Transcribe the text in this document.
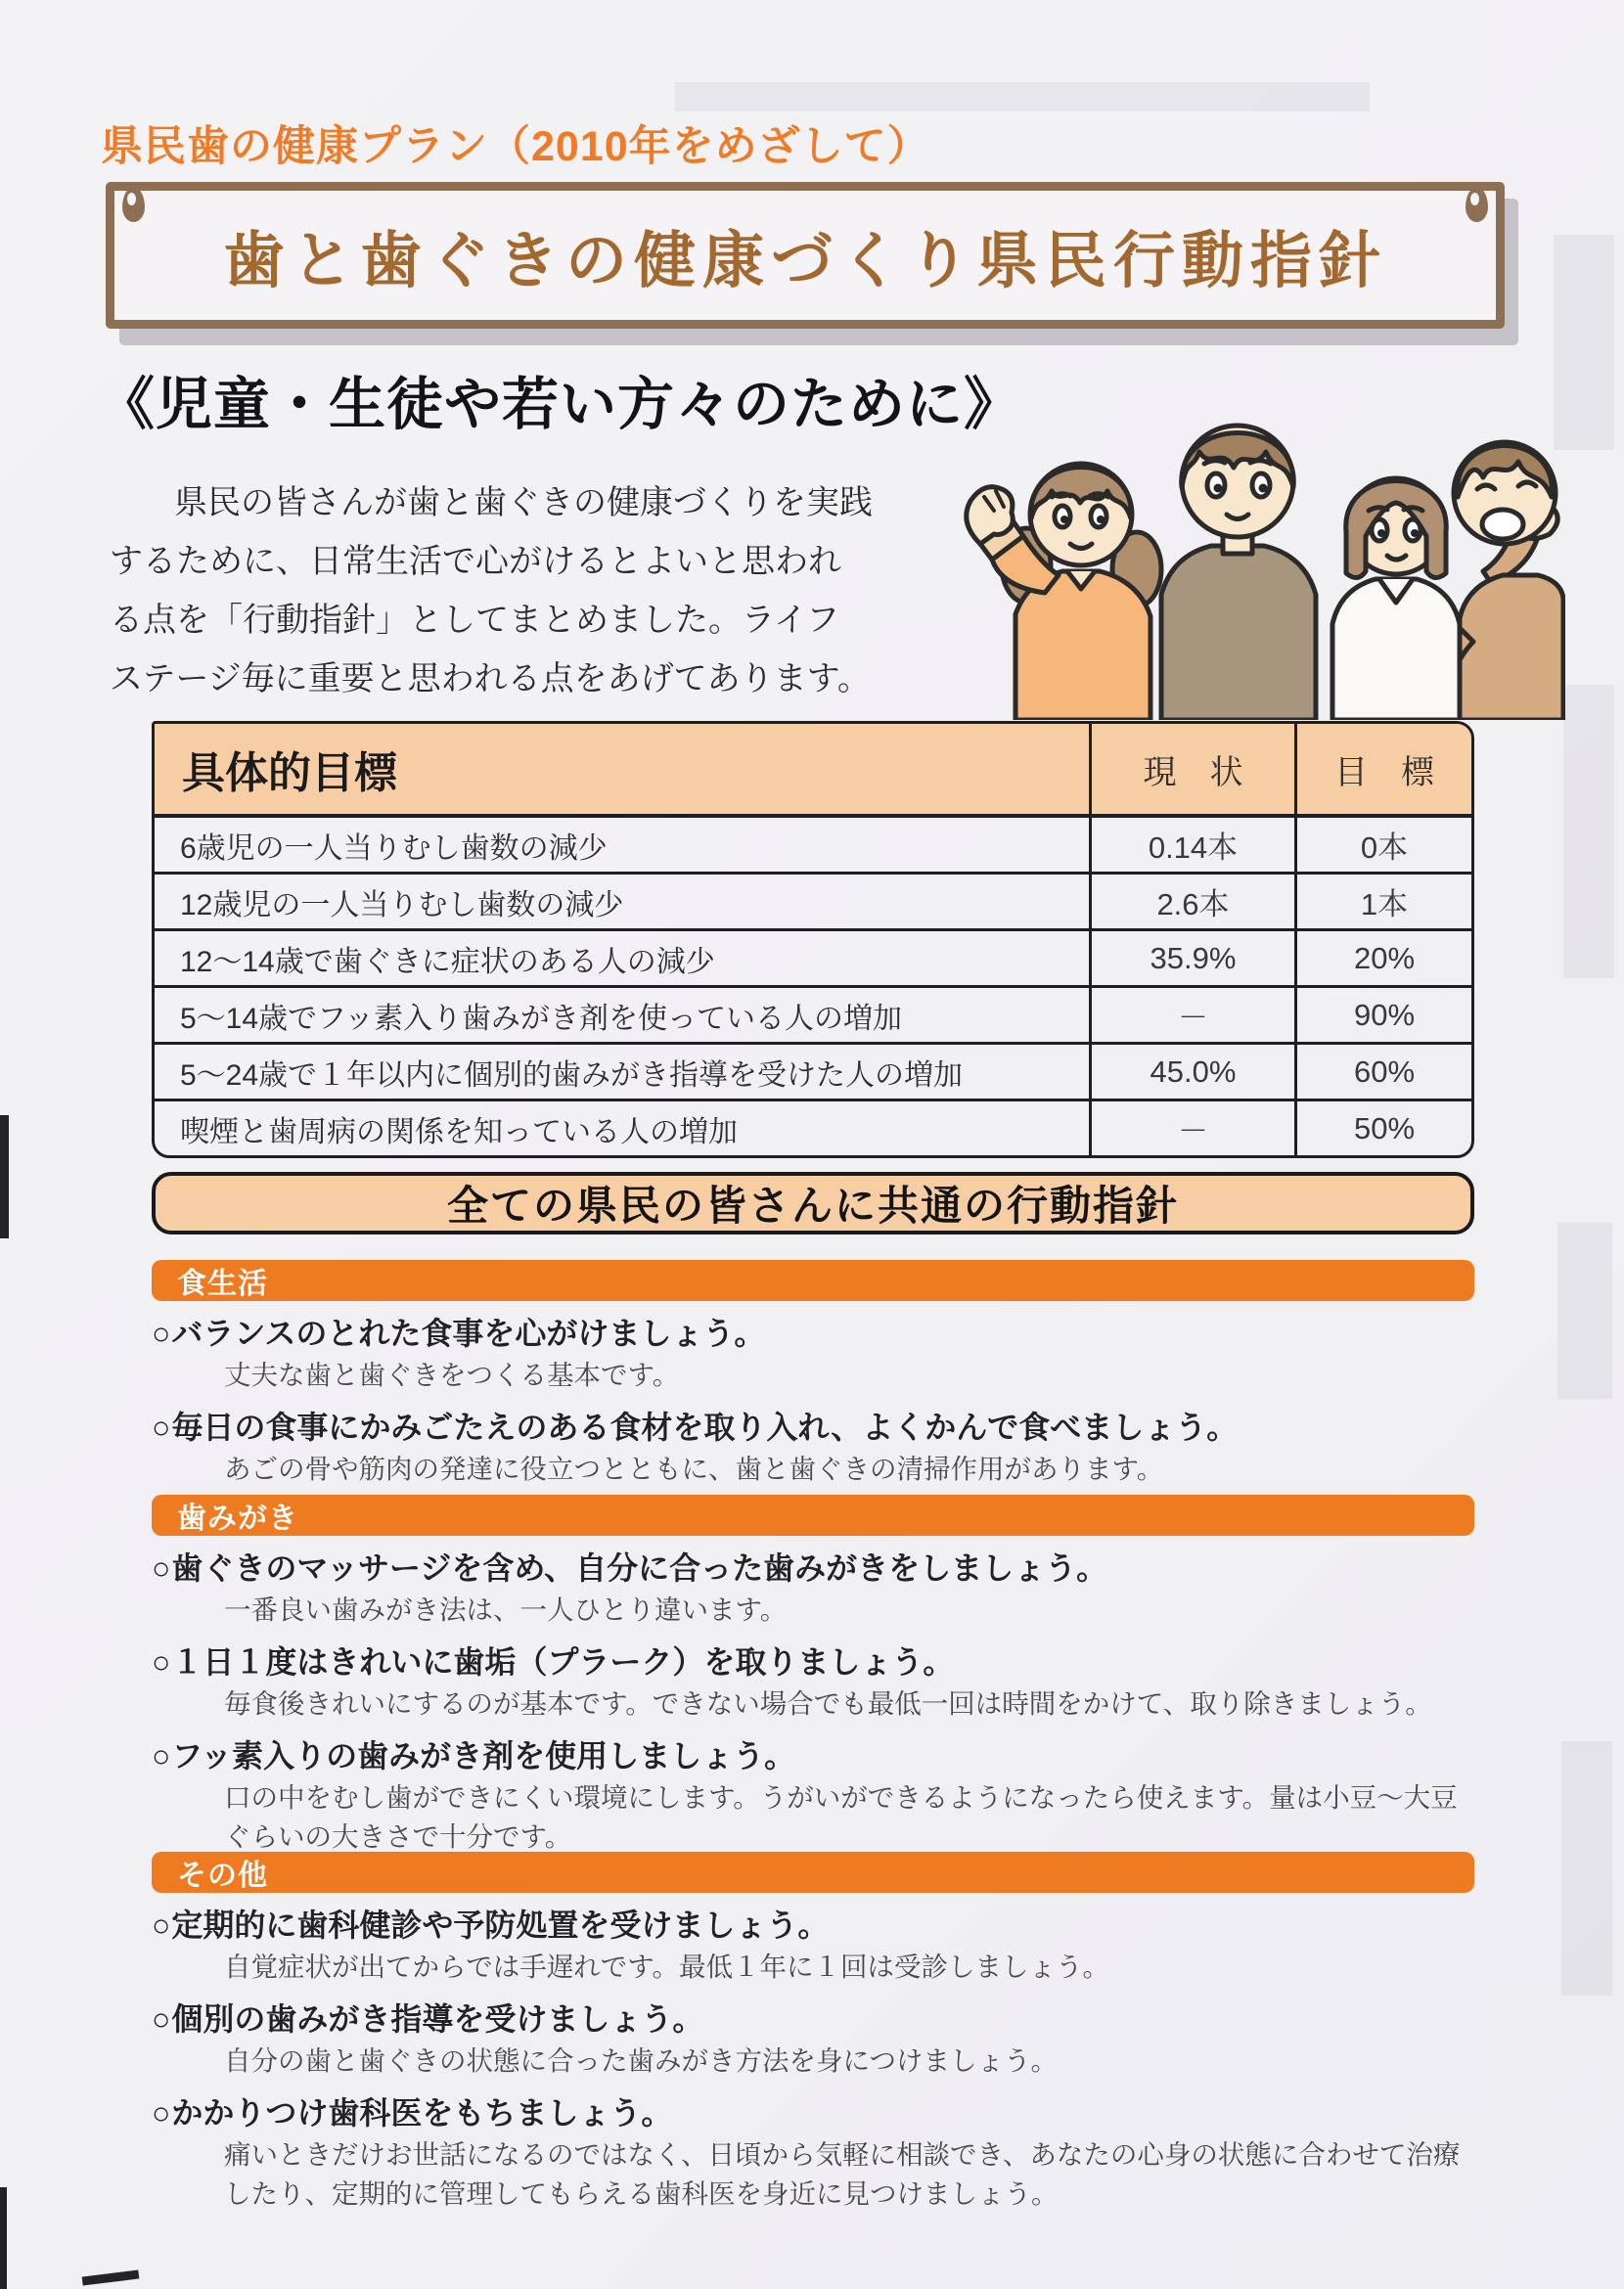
県民歯の健康プラン（2010年をめざして）
歯と歯ぐきの健康づくり県民行動指針
《児童・生徒や若い方々のために》
県民の皆さんが歯と歯ぐきの健康づくりを実践
するために、日常生活で心がけるとよいと思われ
る点を「行動指針」としてまとめました。ライフ
ステージ毎に重要と思われる点をあげてあります。
具体的目標	現　状	目　標
6歳児の一人当りむし歯数の減少	0.14本	0本
12歳児の一人当りむし歯数の減少	2.6本	1本
12～14歳で歯ぐきに症状のある人の減少	35.9%	20%
5～14歳でフッ素入り歯みがき剤を使っている人の増加	－	90%
5～24歳で１年以内に個別的歯みがき指導を受けた人の増加	45.0%	60%
喫煙と歯周病の関係を知っている人の増加	－	50%
全ての県民の皆さんに共通の行動指針
食生活
○ バランスのとれた食事を心がけましょう。
丈夫な歯と歯ぐきをつくる基本です。
○ 毎日の食事にかみごたえのある食材を取り入れ、よくかんで食べましょう。
あごの骨や筋肉の発達に役立つとともに、歯と歯ぐきの清掃作用があります。
歯みがき
○ 歯ぐきのマッサージを含め、自分に合った歯みがきをしましょう。
一番良い歯みがき法は、一人ひとり違います。
○ １日１度はきれいに歯垢（プラーク）を取りましょう。
毎食後きれいにするのが基本です。できない場合でも最低一回は時間をかけて、取り除きましょう。
○ フッ素入りの歯みがき剤を使用しましょう。
口の中をむし歯ができにくい環境にします。うがいができるようになったら使えます。量は小豆～大豆ぐらいの大きさで十分です。
その他
○ 定期的に歯科健診や予防処置を受けましょう。
自覚症状が出てからでは手遅れです。最低１年に１回は受診しましょう。
○ 個別の歯みがき指導を受けましょう。
自分の歯と歯ぐきの状態に合った歯みがき方法を身につけましょう。
○ かかりつけ歯科医をもちましょう。
痛いときだけお世話になるのではなく、日頃から気軽に相談でき、あなたの心身の状態に合わせて治療したり、定期的に管理してもらえる歯科医を身近に見つけましょう。
